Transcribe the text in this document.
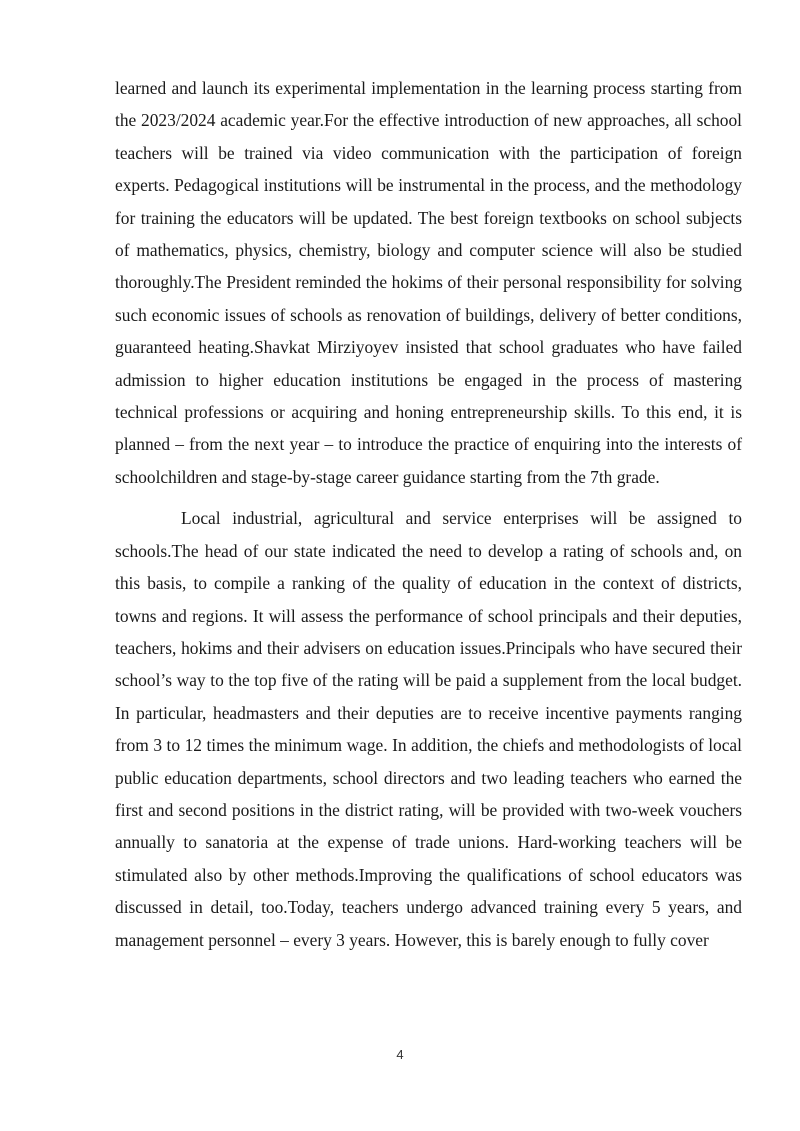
learned and launch its experimental implementation in the learning process starting from the 2023/2024 academic year.For the effective introduction of new approaches, all school teachers will be trained via video communication with the participation of foreign experts. Pedagogical institutions will be instrumental in the process, and the methodology for training the educators will be updated. The best foreign textbooks on school subjects of mathematics, physics, chemistry, biology and computer science will also be studied thoroughly.The President reminded the hokims of their personal responsibility for solving such economic issues of schools as renovation of buildings, delivery of better conditions, guaranteed heating.Shavkat Mirziyoyev insisted that school graduates who have failed admission to higher education institutions be engaged in the process of mastering technical professions or acquiring and honing entrepreneurship skills. To this end, it is planned – from the next year – to introduce the practice of enquiring into the interests of schoolchildren and stage-by-stage career guidance starting from the 7th grade.

Local industrial, agricultural and service enterprises will be assigned to schools.The head of our state indicated the need to develop a rating of schools and, on this basis, to compile a ranking of the quality of education in the context of districts, towns and regions. It will assess the performance of school principals and their deputies, teachers, hokims and their advisers on education issues.Principals who have secured their school’s way to the top five of the rating will be paid a supplement from the local budget. In particular, headmasters and their deputies are to receive incentive payments ranging from 3 to 12 times the minimum wage. In addition, the chiefs and methodologists of local public education departments, school directors and two leading teachers who earned the first and second positions in the district rating, will be provided with two-week vouchers annually to sanatoria at the expense of trade unions. Hard-working teachers will be stimulated also by other methods.Improving the qualifications of school educators was discussed in detail, too.Today, teachers undergo advanced training every 5 years, and management personnel – every 3 years. However, this is barely enough to fully cover

4
